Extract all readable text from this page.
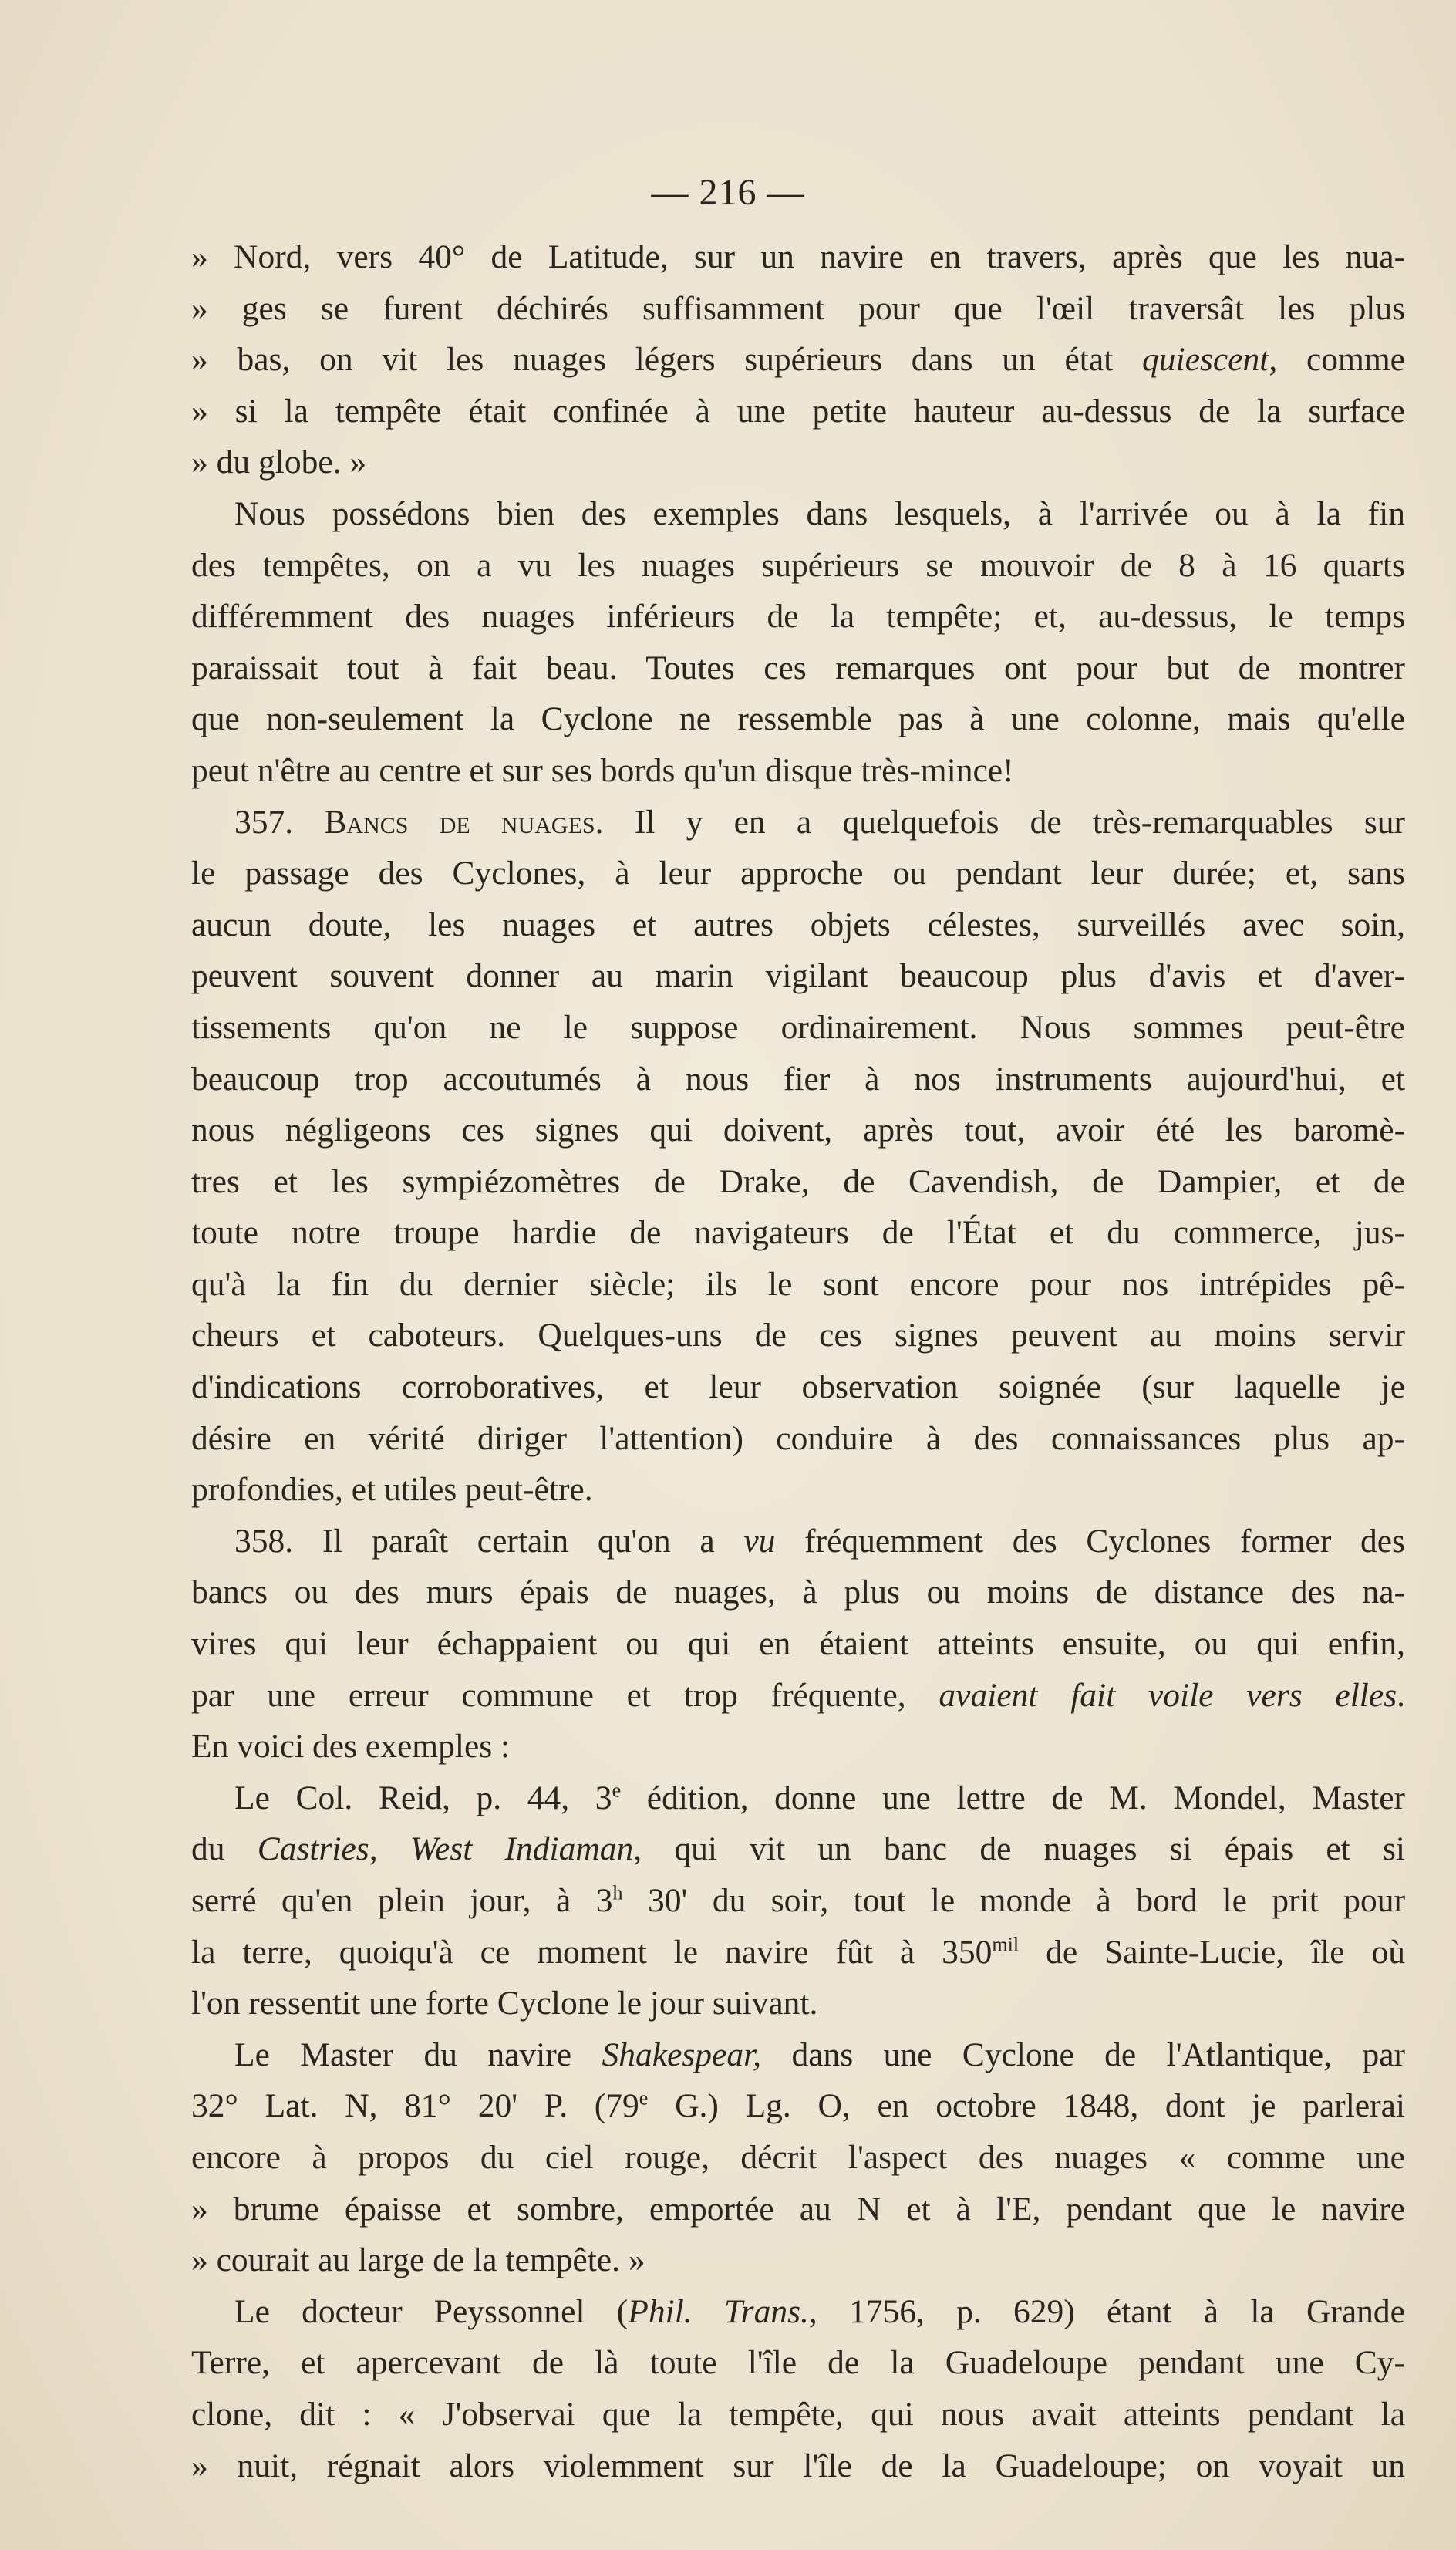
— 216 —
» Nord, vers 40° de Latitude, sur un navire en travers, après que les nua-
» ges se furent déchirés suffisamment pour que l'œil traversât les plus
» bas, on vit les nuages légers supérieurs dans un état quiescent, comme
» si la tempête était confinée à une petite hauteur au-dessus de la surface
» du globe. »
Nous possédons bien des exemples dans lesquels, à l'arrivée ou à la fin
des tempêtes, on a vu les nuages supérieurs se mouvoir de 8 à 16 quarts
différemment des nuages inférieurs de la tempête; et, au-dessus, le temps
paraissait tout à fait beau. Toutes ces remarques ont pour but de montrer
que non-seulement la Cyclone ne ressemble pas à une colonne, mais qu'elle
peut n'être au centre et sur ses bords qu'un disque très-mince!
357. Bancs de nuages. Il y en a quelquefois de très-remarquables sur
le passage des Cyclones, à leur approche ou pendant leur durée; et, sans
aucun doute, les nuages et autres objets célestes, surveillés avec soin,
peuvent souvent donner au marin vigilant beaucoup plus d'avis et d'aver-
tissements qu'on ne le suppose ordinairement. Nous sommes peut-être
beaucoup trop accoutumés à nous fier à nos instruments aujourd'hui, et
nous négligeons ces signes qui doivent, après tout, avoir été les baromè-
tres et les sympiézomètres de Drake, de Cavendish, de Dampier, et de
toute notre troupe hardie de navigateurs de l'État et du commerce, jus-
qu'à la fin du dernier siècle; ils le sont encore pour nos intrépides pê-
cheurs et caboteurs. Quelques-uns de ces signes peuvent au moins servir
d'indications corroboratives, et leur observation soignée (sur laquelle je
désire en vérité diriger l'attention) conduire à des connaissances plus ap-
profondies, et utiles peut-être.
358. Il paraît certain qu'on a vu fréquemment des Cyclones former des
bancs ou des murs épais de nuages, à plus ou moins de distance des na-
vires qui leur échappaient ou qui en étaient atteints ensuite, ou qui enfin,
par une erreur commune et trop fréquente, avaient fait voile vers elles.
En voici des exemples :
Le Col. Reid, p. 44, 3e édition, donne une lettre de M. Mondel, Master
du Castries, West Indiaman, qui vit un banc de nuages si épais et si
serré qu'en plein jour, à 3$^h$ 30' du soir, tout le monde à bord le prit pour
la terre, quoiqu'à ce moment le navire fût à $350^{mil}$ de Sainte-Lucie, île où
l'on ressentit une forte Cyclone le jour suivant.
Le Master du navire Shakespear, dans une Cyclone de l'Atlantique, par
32° Lat. N, 81° 20' P. (79e G.) Lg. O, en octobre 1848, dont je parlerai
encore à propos du ciel rouge, décrit l'aspect des nuages « comme une
» brume épaisse et sombre, emportée au N et à l'E, pendant que le navire
» courait au large de la tempête. »
Le docteur Peyssonnel (Phil. Trans., 1756, p. 629) étant à la Grande
Terre, et apercevant de là toute l'île de la Guadeloupe pendant une Cy-
clone, dit : « J'observai que la tempête, qui nous avait atteints pendant la
» nuit, régnait alors violemment sur l'île de la Guadeloupe; on voyait un
